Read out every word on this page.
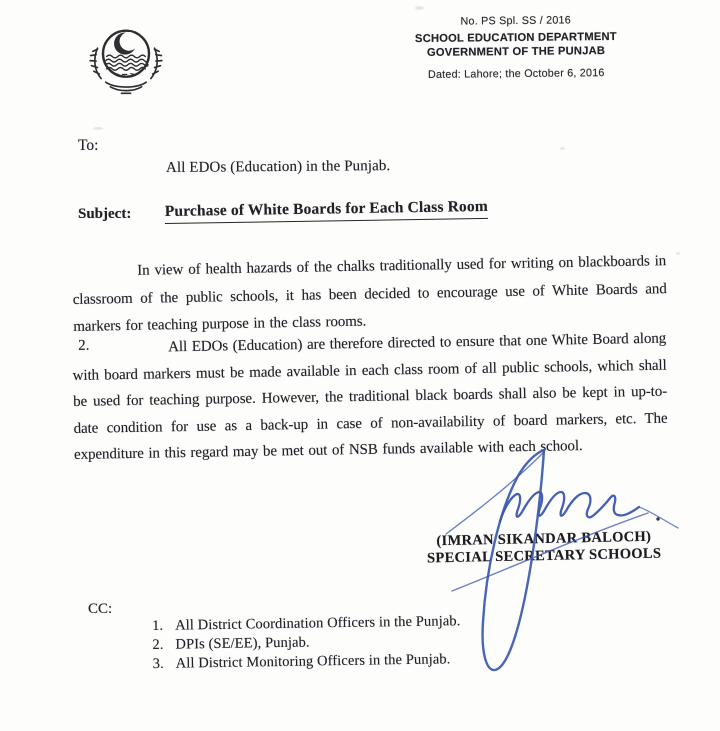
No. PS Spl. SS / 2016
SCHOOL EDUCATION DEPARTMENT
GOVERNMENT OF THE PUNJAB
Dated: Lahore; the October 6, 2016
To:
All EDOs (Education) in the Punjab.
Subject: Purchase of White Boards for Each Class Room

In view of health hazards of the chalks traditionally used for writing on blackboards in classroom of the public schools, it has been decided to encourage use of White Boards and markers for teaching purpose in the class rooms.

2.	All EDOs (Education) are therefore directed to ensure that one White Board along with board markers must be made available in each class room of all public schools, which shall be used for teaching purpose. However, the traditional black boards shall also be kept in up-to-date condition for use as a back-up in case of non-availability of board markers, etc. The expenditure in this regard may be met out of NSB funds available with each school.

(IMRAN SIKANDAR BALOCH)
SPECIAL SECRETARY SCHOOLS
CC:
1. All District Coordination Officers in the Punjab.
2. DPIs (SE/EE), Punjab.
3. All District Monitoring Officers in the Punjab.
